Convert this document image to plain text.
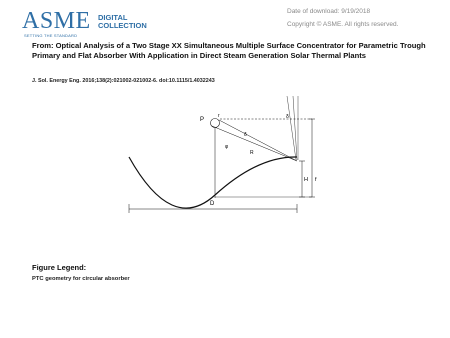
ASME
SETTING THE STANDARD
DIGITAL
COLLECTION
Date of download: 9/19/2018
Copyright © ASME. All rights reserved.
From: Optical Analysis of a Two Stage XX Simultaneous Multiple Surface Concentrator for Parametric Trough Primary and Flat Absorber With Application in Direct Steam Generation Solar Thermal Plants
J. Sol. Energy Eng. 2016;138(2):021002-021002-6. doi:10.1115/1.4032243
P
r	δ
δ
φ
R
H f
D
Figure Legend:
PTC geometry for circular absorber
